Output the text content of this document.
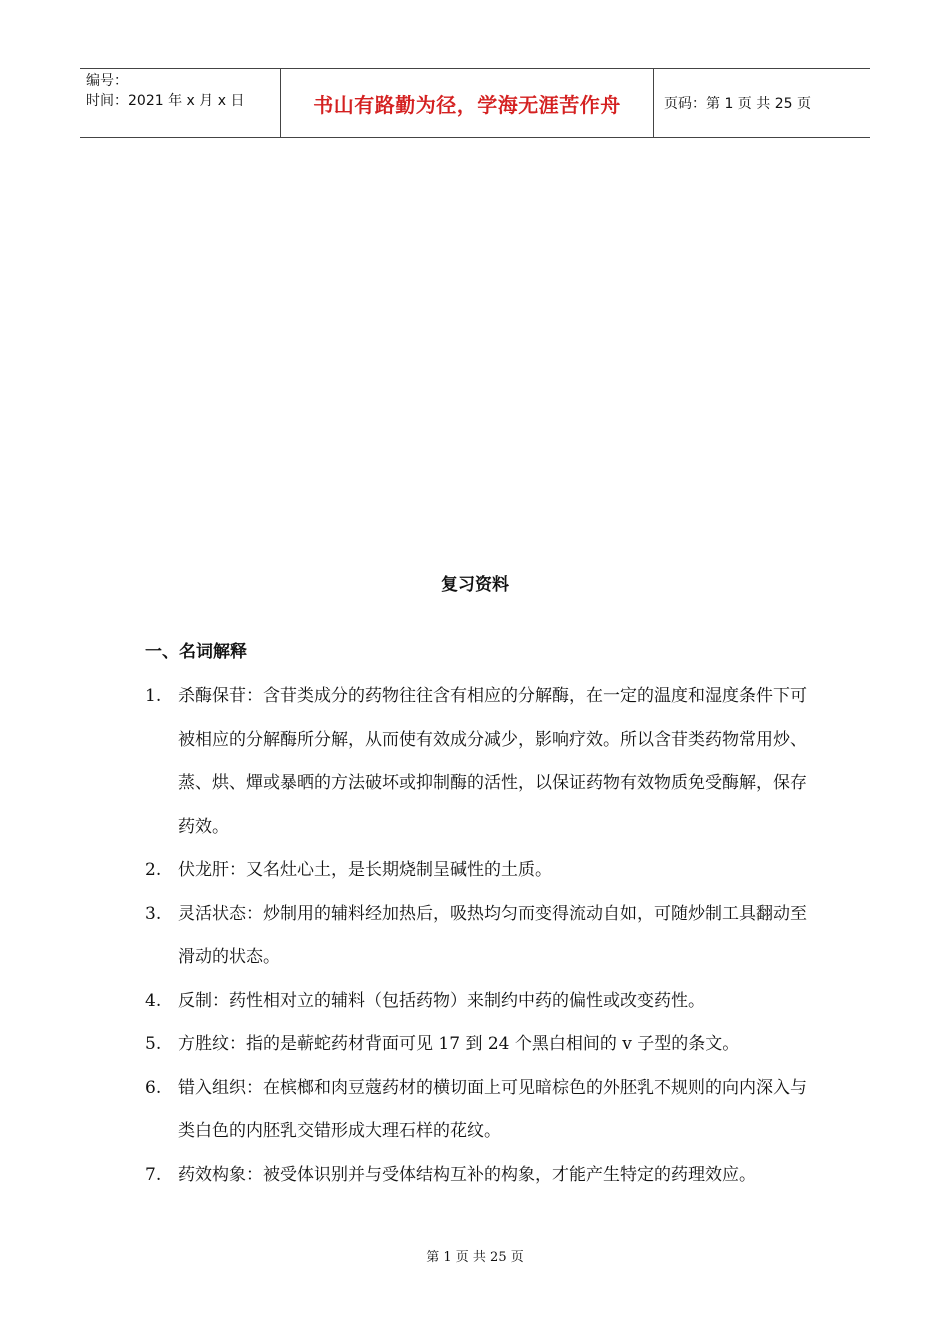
编号：
时间：2021 年 x 月 x 日	书山有路勤为径，学海无涯苦作舟	页码：第 1 页 共 25 页
复习资料
一、名词解释
1. 杀酶保苷：含苷类成分的药物往往含有相应的分解酶，在一定的温度和湿度条件下可被相应的分解酶所分解，从而使有效成分减少，影响疗效。所以含苷类药物常用炒、蒸、烘、燀或暴晒的方法破坏或抑制酶的活性，以保证药物有效物质免受酶解，保存药效。
2. 伏龙肝：又名灶心土，是长期烧制呈碱性的土质。
3. 灵活状态：炒制用的辅料经加热后，吸热均匀而变得流动自如，可随炒制工具翻动至滑动的状态。
4. 反制：药性相对立的辅料（包括药物）来制约中药的偏性或改变药性。
5. 方胜纹：指的是蕲蛇药材背面可见 17 到 24 个黑白相间的 v 子型的条文。
6. 错入组织：在槟榔和肉豆蔻药材的横切面上可见暗棕色的外胚乳不规则的向内深入与类白色的内胚乳交错形成大理石样的花纹。
7. 药效构象：被受体识别并与受体结构互补的构象，才能产生特定的药理效应。
第 1 页 共 25 页
